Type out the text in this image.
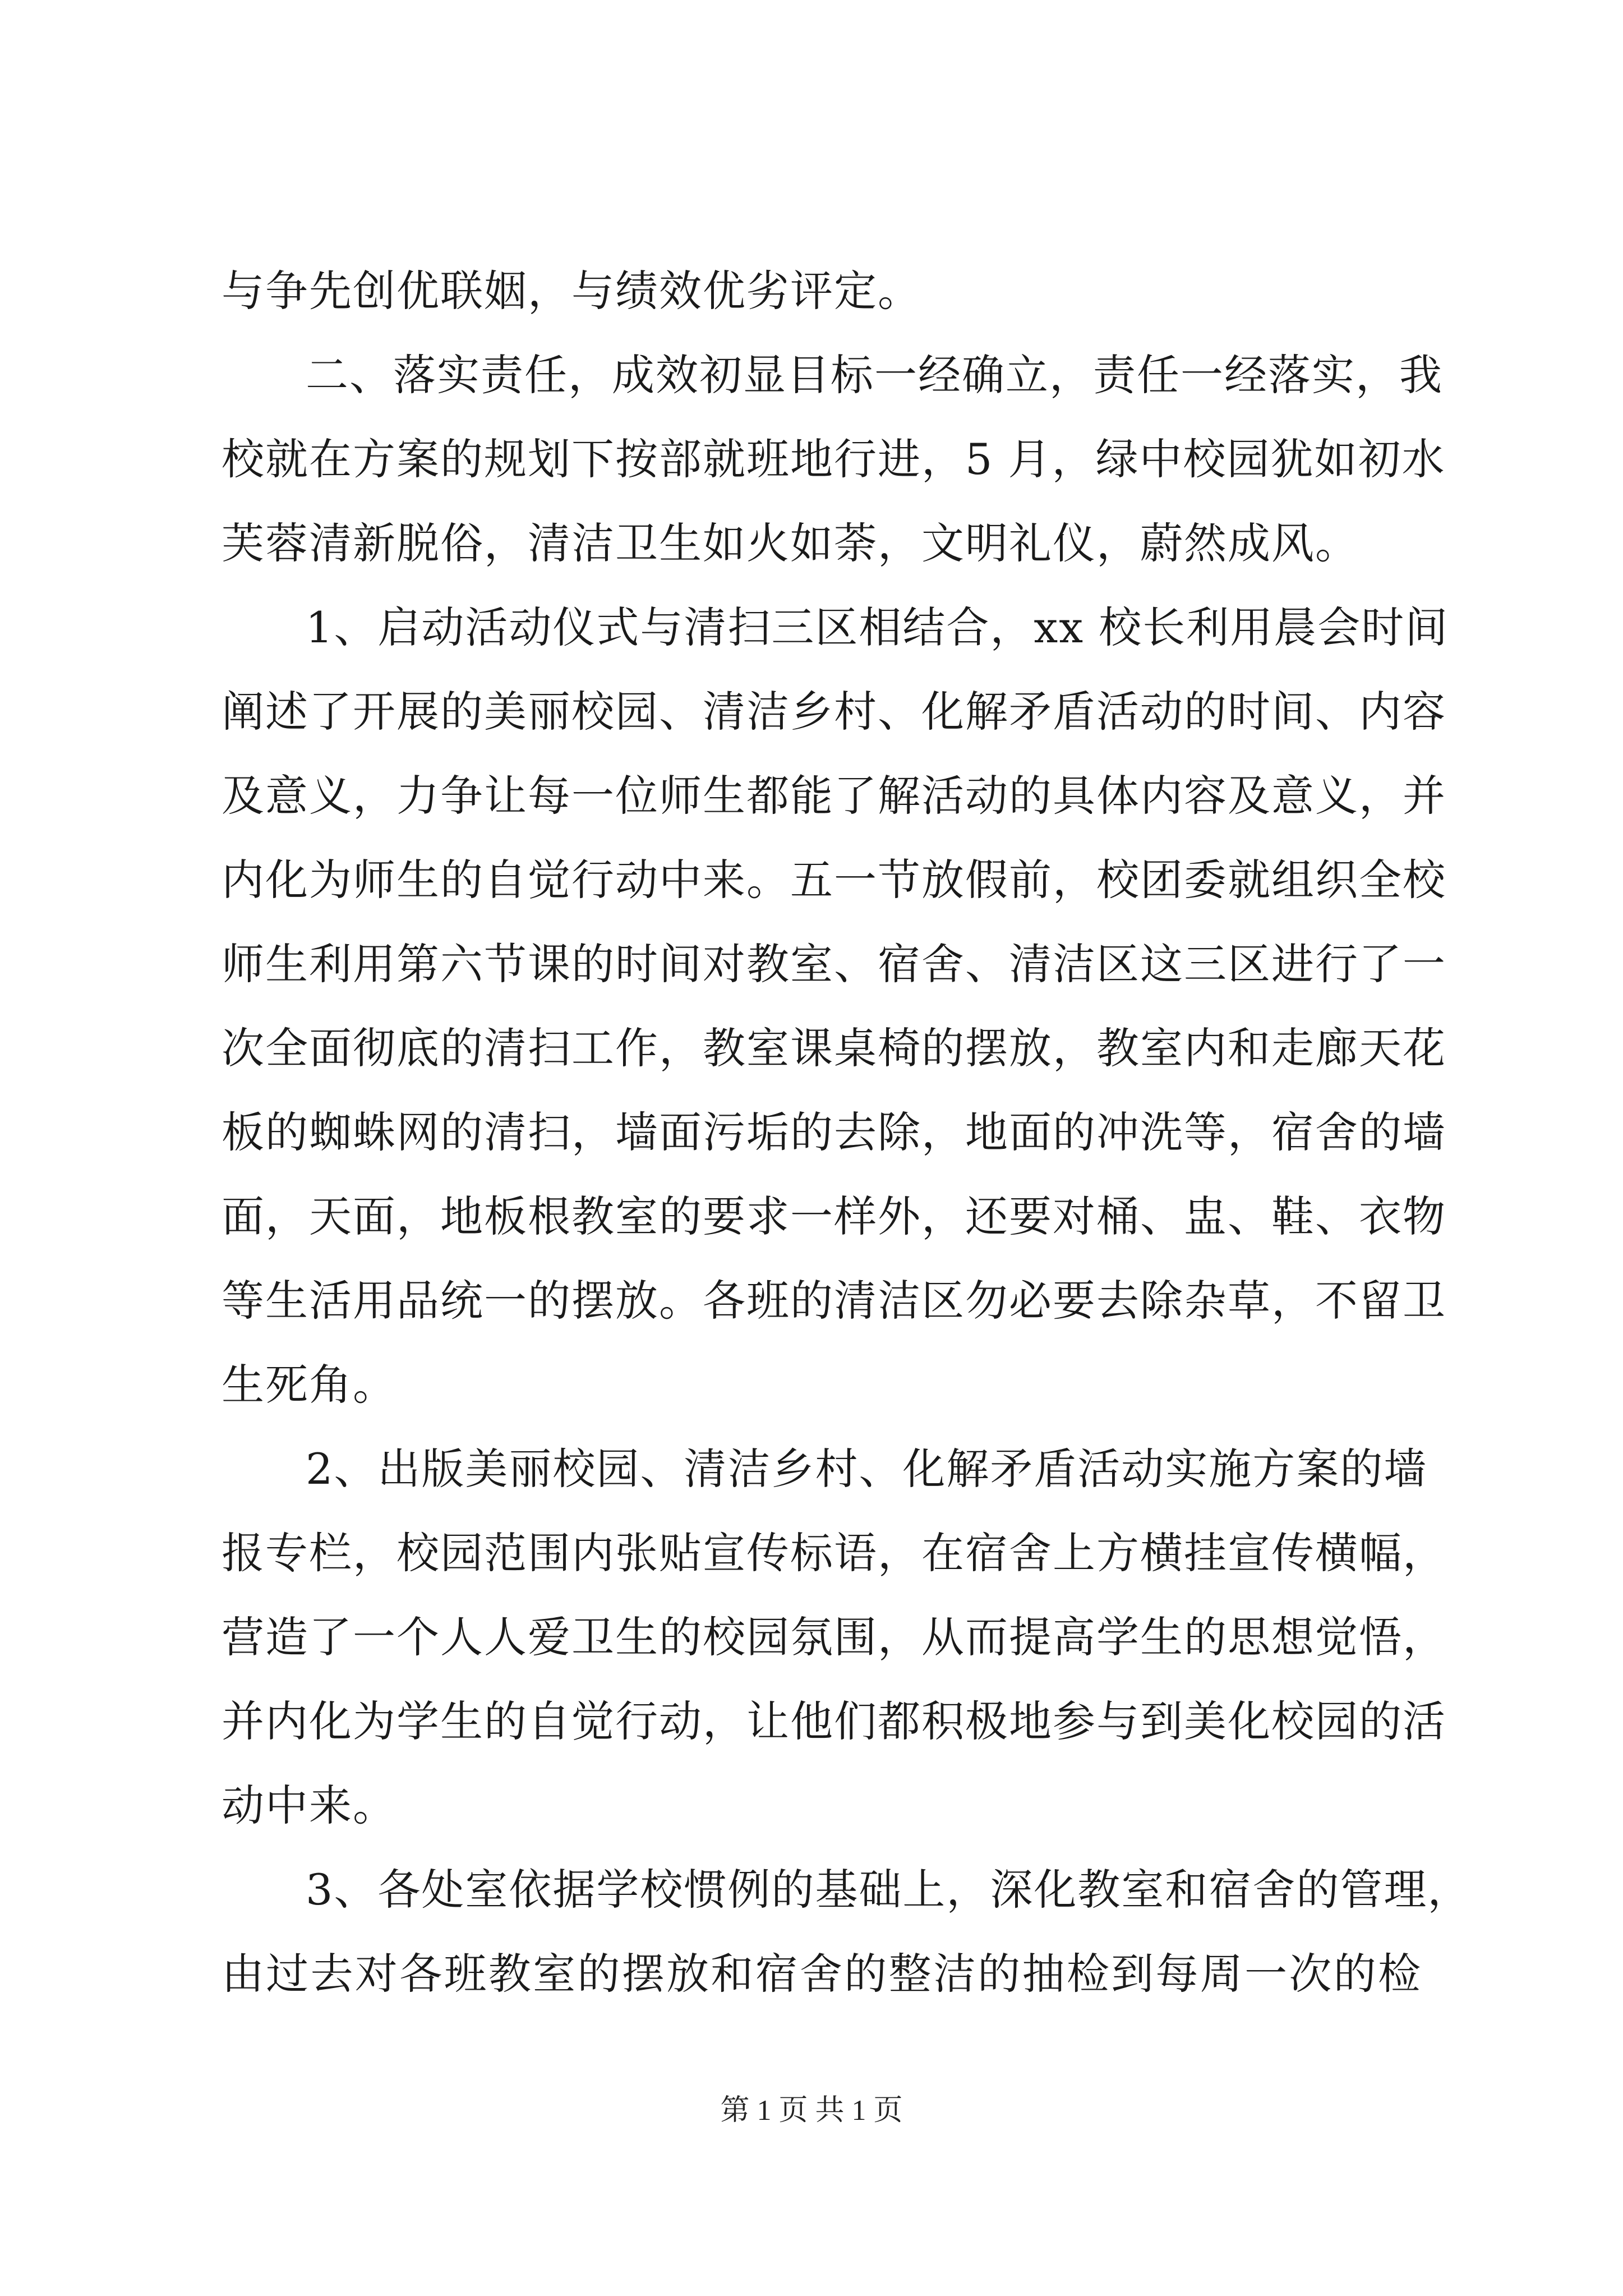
与争先创优联姻，与绩效优劣评定。
二、落实责任，成效初显目标一经确立，责任一经落实，我
校就在方案的规划下按部就班地行进，5 月，绿中校园犹如初水
芙蓉清新脱俗，清洁卫生如火如荼，文明礼仪，蔚然成风。
1、启动活动仪式与清扫三区相结合，xx 校长利用晨会时间
阐述了开展的美丽校园、清洁乡村、化解矛盾活动的时间、内容
及意义，力争让每一位师生都能了解活动的具体内容及意义，并
内化为师生的自觉行动中来。五一节放假前，校团委就组织全校
师生利用第六节课的时间对教室、宿舍、清洁区这三区进行了一
次全面彻底的清扫工作，教室课桌椅的摆放，教室内和走廊天花
板的蜘蛛网的清扫，墙面污垢的去除，地面的冲洗等，宿舍的墙
面，天面，地板根教室的要求一样外，还要对桶、盅、鞋、衣物
等生活用品统一的摆放。各班的清洁区勿必要去除杂草，不留卫
生死角。
2、出版美丽校园、清洁乡村、化解矛盾活动实施方案的墙
报专栏，校园范围内张贴宣传标语，在宿舍上方横挂宣传横幅，
营造了一个人人爱卫生的校园氛围，从而提高学生的思想觉悟，
并内化为学生的自觉行动，让他们都积极地参与到美化校园的活
动中来。
3、各处室依据学校惯例的基础上，深化教室和宿舍的管理，
由过去对各班教室的摆放和宿舍的整洁的抽检到每周一次的检
第 1 页 共 1 页
